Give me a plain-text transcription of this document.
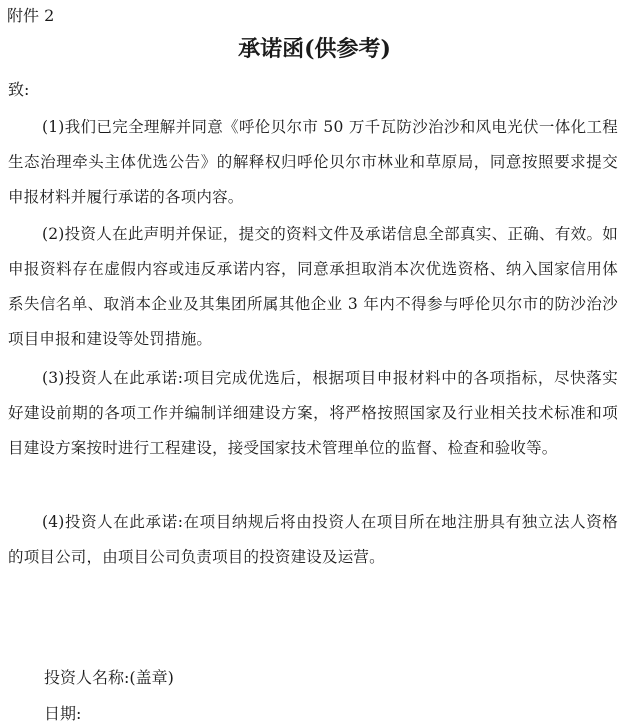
附件 2
承诺函(供参考)
致:

(1)我们已完全理解并同意《呼伦贝尔市 50 万千瓦防沙治沙和风电光伏一体化工程生态治理牵头主体优选公告》的解释权归呼伦贝尔市林业和草原局，同意按照要求提交申报材料并履行承诺的各项内容。

(2)投资人在此声明并保证，提交的资料文件及承诺信息全部真实、正确、有效。如申报资料存在虚假内容或违反承诺内容，同意承担取消本次优选资格、纳入国家信用体系失信名单、取消本企业及其集团所属其他企业 3 年内不得参与呼伦贝尔市的防沙治沙项目申报和建设等处罚措施。

(3)投资人在此承诺:项目完成优选后，根据项目申报材料中的各项指标，尽快落实好建设前期的各项工作并编制详细建设方案，将严格按照国家及行业相关技术标准和项目建设方案按时进行工程建设，接受国家技术管理单位的监督、检查和验收等。

(4)投资人在此承诺:在项目纳规后将由投资人在项目所在地注册具有独立法人资格的项目公司，由项目公司负责项目的投资建设及运营。

投资人名称:(盖章)
日期:
